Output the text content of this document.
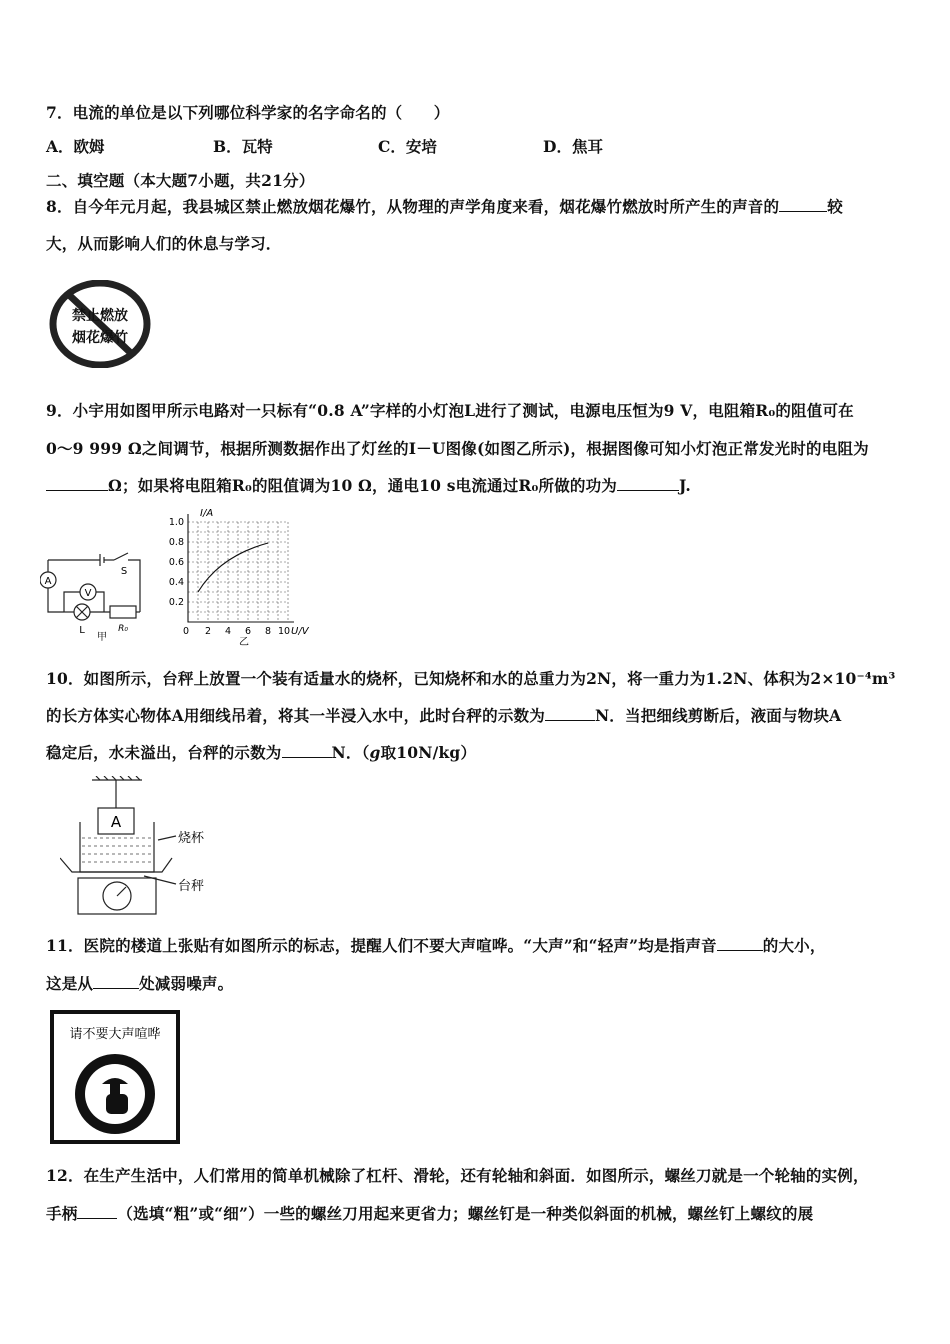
7．电流的单位是以下列哪位科学家的名字命名的（　　）
A．欧姆	B．瓦特	C．安培	D．焦耳
二、填空题（本大题7小题，共21分）
8．自今年元月起，我县城区禁止燃放烟花爆竹，从物理的声学角度来看，烟花爆竹燃放时所产生的声音的	较
大，从而影响人们的休息与学习．
禁止燃放
烟花爆竹
9．小宇用如图甲所示电路对一只标有“0.8 A”字样的小灯泡L进行了测试，电源电压恒为9 V，电阻箱R₀的阻值可在
0～9 999 Ω之间调节，根据所测数据作出了灯丝的I－U图像(如图乙所示)，根据图像可知小灯泡正常发光时的电阻为
Ω；如果将电阻箱R₀的阻值调为10 Ω，通电10 s电流通过R₀所做的功为	J.
A
V
S
L	R₀
甲
I/A
U/V
1.0
0.8
0.6
0.4
0.2
0 2 4 6 8 10
乙
10．如图所示，台秤上放置一个装有适量水的烧杯，已知烧杯和水的总重力为2N，将一重力为1.2N、体积为2×10⁻⁴m³
的长方体实心物体A用细线吊着，将其一半浸入水中，此时台秤的示数为	N．当把细线剪断后，液面与物块A
稳定后，水未溢出，台秤的示数为	N．（g取10N/kg）
A
烧杯
台秤
11．医院的楼道上张贴有如图所示的标志，提醒人们不要大声喧哗。“大声”和“轻声”均是指声音	的大小，
这是从	处减弱噪声。
请不要大声喧哗
12．在生产生活中，人们常用的简单机械除了杠杆、滑轮，还有轮轴和斜面．如图所示，螺丝刀就是一个轮轴的实例，
手柄	（选填“粗”或“细”）一些的螺丝刀用起来更省力；螺丝钉是一种类似斜面的机械，螺丝钉上螺纹的展
